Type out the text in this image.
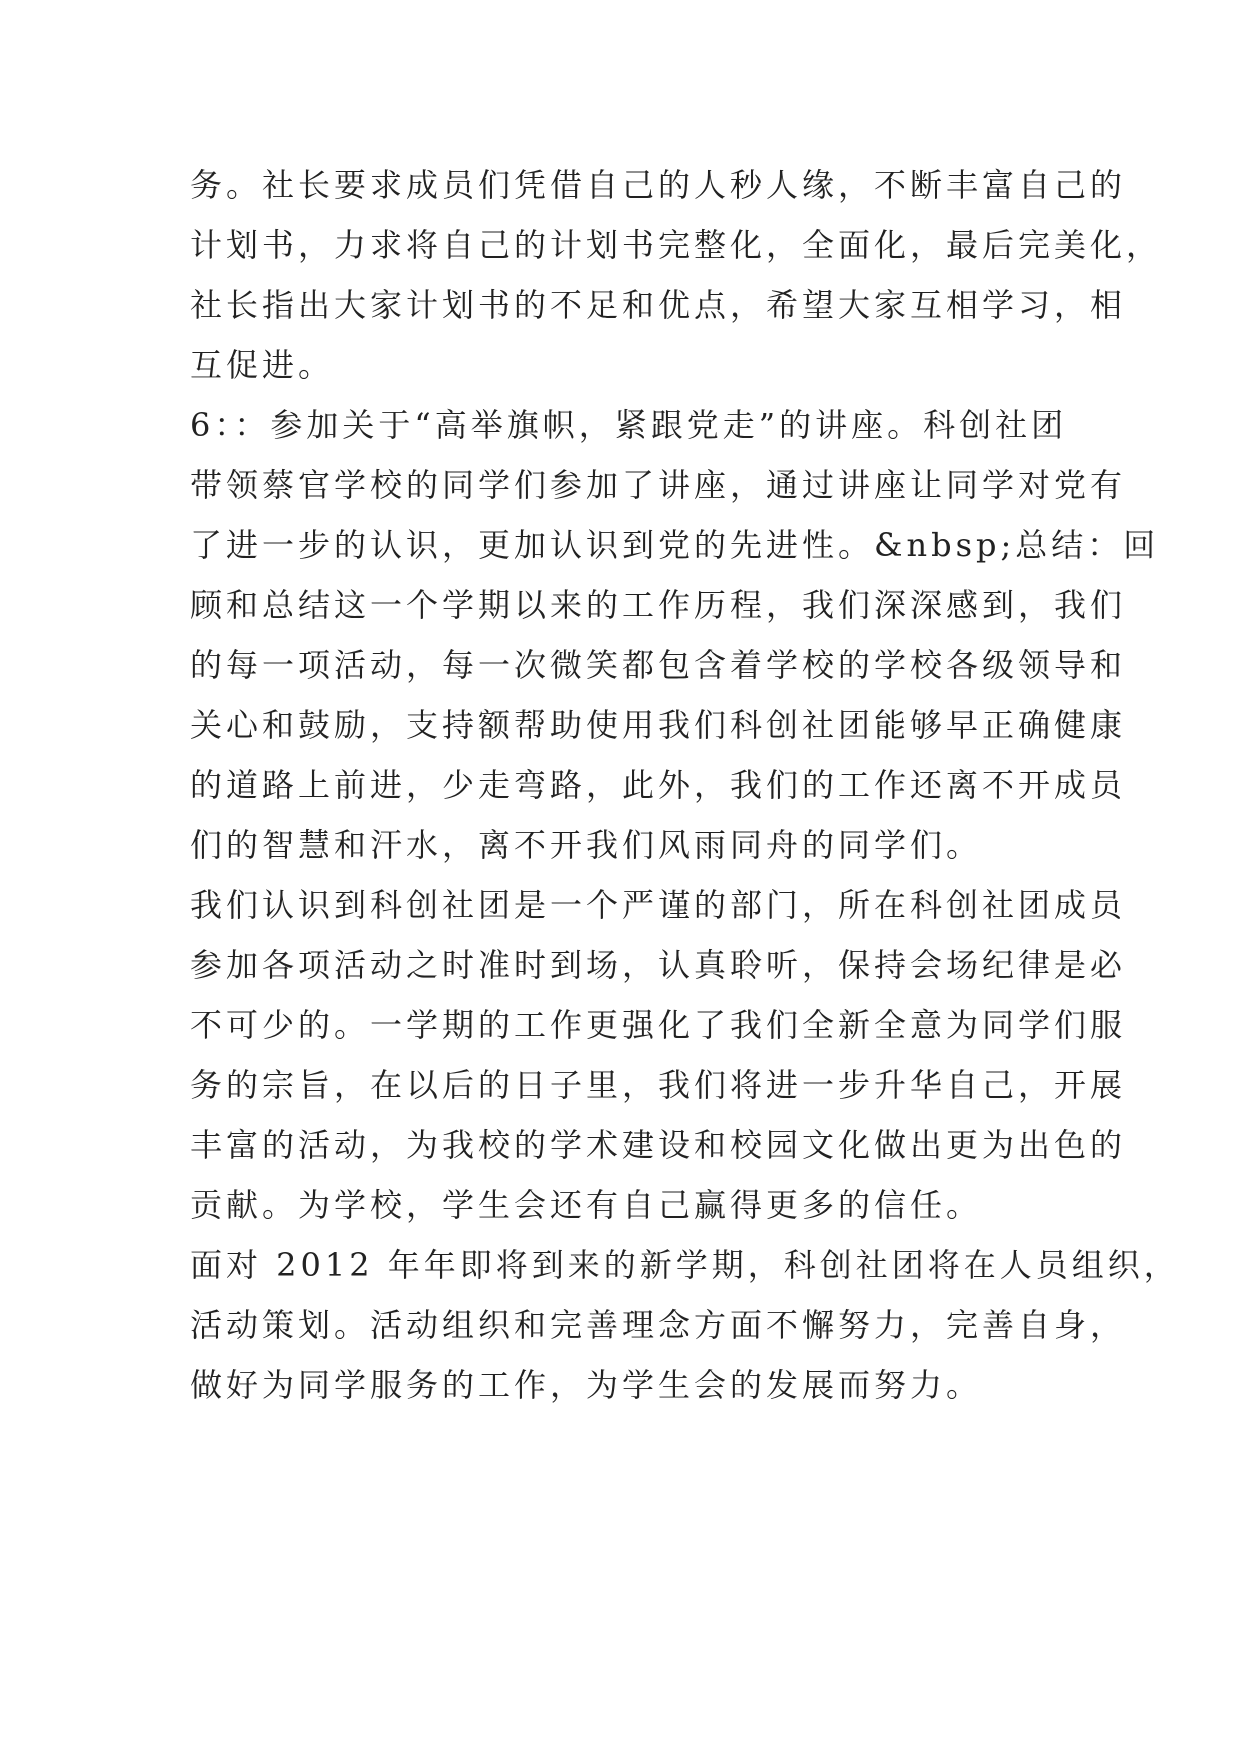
务。社长要求成员们凭借自己的人秒人缘，不断丰富自己的
计划书，力求将自己的计划书完整化，全面化，最后完美化，
社长指出大家计划书的不足和优点，希望大家互相学习，相
互促进。
6：：参加关于“高举旗帜，紧跟党走”的讲座。科创社团
带领蔡官学校的同学们参加了讲座，通过讲座让同学对党有
了进一步的认识，更加认识到党的先进性。&nbsp;总结：回
顾和总结这一个学期以来的工作历程，我们深深感到，我们
的每一项活动，每一次微笑都包含着学校的学校各级领导和
关心和鼓励，支持额帮助使用我们科创社团能够早正确健康
的道路上前进，少走弯路，此外，我们的工作还离不开成员
们的智慧和汗水，离不开我们风雨同舟的同学们。
我们认识到科创社团是一个严谨的部门，所在科创社团成员
参加各项活动之时准时到场，认真聆听，保持会场纪律是必
不可少的。一学期的工作更强化了我们全新全意为同学们服
务的宗旨，在以后的日子里，我们将进一步升华自己，开展
丰富的活动，为我校的学术建设和校园文化做出更为出色的
贡献。为学校，学生会还有自己赢得更多的信任。
面对 2012 年年即将到来的新学期，科创社团将在人员组织，
活动策划。活动组织和完善理念方面不懈努力，完善自身，
做好为同学服务的工作，为学生会的发展而努力。
